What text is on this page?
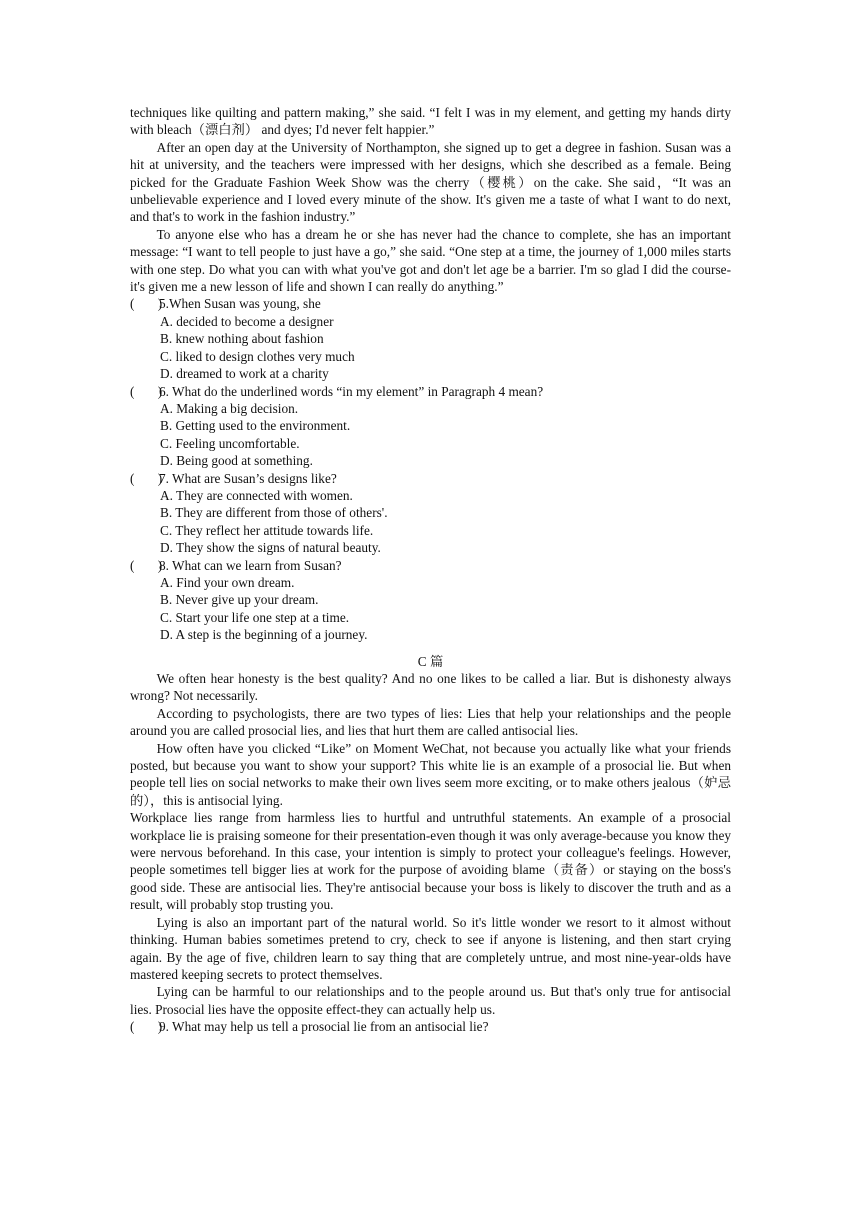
techniques like quilting and pattern making,” she said. “I felt I was in my element, and getting my hands dirty with bleach（漂白剂） and dyes; I'd never felt happier.”

After an open day at the University of Northampton, she signed up to get a degree in fashion. Susan was a hit at university, and the teachers were impressed with her designs, which she described as a female. Being picked for the Graduate Fashion Week Show was the cherry（樱桃）on the cake. She said，“It was an unbelievable experience and I loved every minute of the show. It's given me a taste of what I want to do next, and that's to work in the fashion industry.”

To anyone else who has a dream he or she has never had the chance to complete, she has an important message: “I want to tell people to just have a go,” she said. “One step at a time, the journey of 1,000 miles starts with one step. Do what you can with what you've got and don't let age be a barrier. I'm so glad I did the course-it's given me a new lesson of life and shown I can really do anything.”

(       )
5.When Susan was young, she

A. decided to become a designer

B. knew nothing about fashion

C. liked to design clothes very much

D. dreamed to work at a charity

(       )
6. What do the underlined words “in my element” in Paragraph 4 mean?

A. Making a big decision.

B. Getting used to the environment.

C. Feeling uncomfortable.

D. Being good at something.

(       )
7. What are Susan’s designs like?

A. They are connected with women.

B. They are different from those of others'.

C. They reflect her attitude towards life.

D. They show the signs of natural beauty.

(       )
8. What can we learn from Susan?

A. Find your own dream.

B. Never give up your dream.

C. Start your life one step at a time.

D. A step is the beginning of a journey.

C 篇

We often hear honesty is the best quality? And no one likes to be called a liar. But is dishonesty always wrong? Not necessarily.

According to psychologists, there are two types of lies: Lies that help your relationships and the people around you are called prosocial lies, and lies that hurt them are called antisocial lies.

How often have you clicked “Like” on Moment WeChat, not because you actually like what your friends posted, but because you want to show your support? This white lie is an example of a prosocial lie. But when people tell lies on social networks to make their own lives seem more exciting, or to make others jealous（妒忌的），this is antisocial lying.

Workplace lies range from harmless lies to hurtful and untruthful statements. An example of a prosocial workplace lie is praising someone for their presentation-even though it was only average-because you know they were nervous beforehand. In this case, your intention is simply to protect your colleague's feelings. However, people sometimes tell bigger lies at work for the purpose of avoiding blame（责备）or staying on the boss's good side. These are antisocial lies. They're antisocial because your boss is likely to discover the truth and as a result, will probably stop trusting you.

Lying is also an important part of the natural world. So it's little wonder we resort to it almost without thinking. Human babies sometimes pretend to cry, check to see if anyone is listening, and then start crying again. By the age of five, children learn to say thing that are completely untrue, and most nine-year-olds have mastered keeping secrets to protect themselves.

Lying can be harmful to our relationships and to the people around us. But that's only true for antisocial lies. Prosocial lies have the opposite effect-they can actually help us.

(       )
9. What may help us tell a prosocial lie from an antisocial lie?
